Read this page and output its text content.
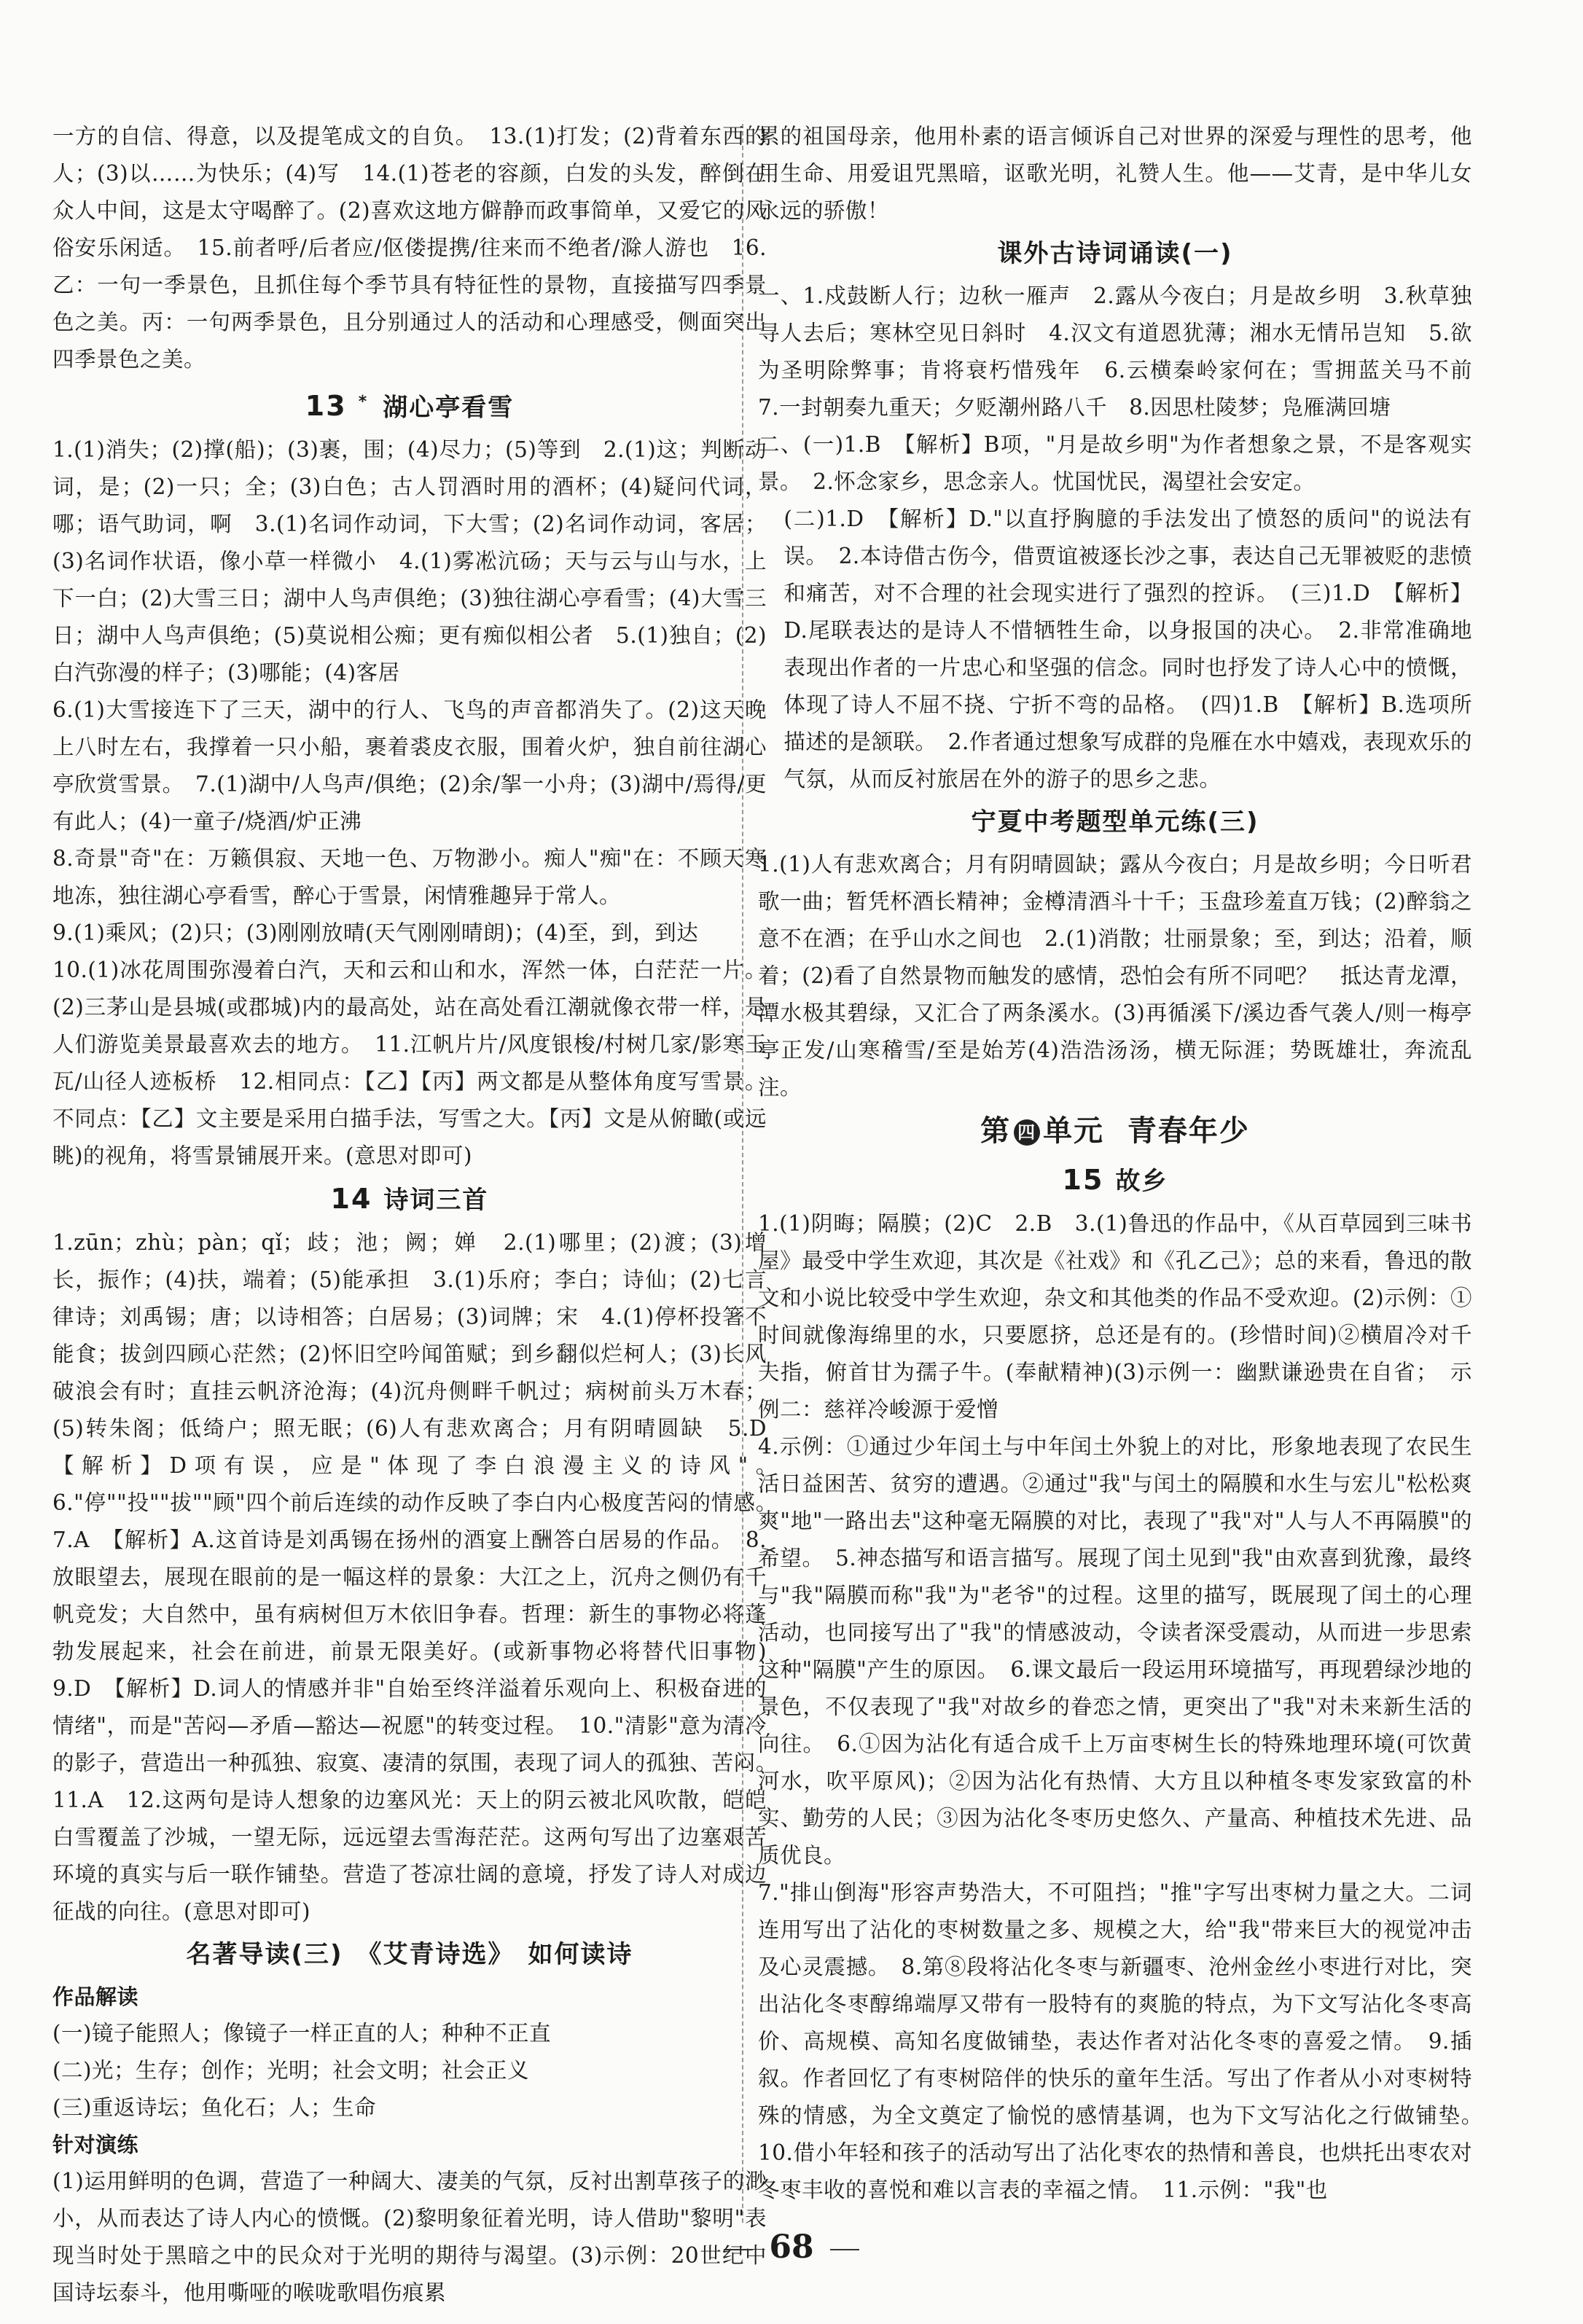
一方的自信、得意，以及提笔成文的自负。　13.(1)打发；(2)背着东西的人；(3)以……为快乐；(4)写　14.(1)苍老的容颜，白发的头发，醉倒在众人中间，这是太守喝醉了。(2)喜欢这地方僻静而政事简单，又爱它的风俗安乐闲适。　15.前者呼/后者应/伛偻提携/往来而不绝者/滁人游也　16.乙：一句一季景色，且抓住每个季节具有特征性的景物，直接描写四季景色之美。丙：一句两季景色，且分别通过人的活动和心理感受，侧面突出四季景色之美。

13 * 湖心亭看雪

1.(1)消失；(2)撑(船)；(3)裹，围；(4)尽力；(5)等到　2.(1)这；判断动词，是；(2)一只；全；(3)白色；古人罚酒时用的酒杯；(4)疑问代词，哪；语气助词，啊　3.(1)名词作动词，下大雪；(2)名词作动词，客居；(3)名词作状语，像小草一样微小　4.(1)雾凇沆砀；天与云与山与水，上下一白；(2)大雪三日；湖中人鸟声俱绝；(3)独往湖心亭看雪；(4)大雪三日；湖中人鸟声俱绝；(5)莫说相公痴；更有痴似相公者　5.(1)独自；(2)白汽弥漫的样子；(3)哪能；(4)客居

6.(1)大雪接连下了三天，湖中的行人、飞鸟的声音都消失了。(2)这天晚上八时左右，我撑着一只小船，裹着裘皮衣服，围着火炉，独自前往湖心亭欣赏雪景。　7.(1)湖中/人鸟声/俱绝；(2)余/挐一小舟；(3)湖中/焉得/更有此人；(4)一童子/烧酒/炉正沸

8.奇景"奇"在：万籁俱寂、天地一色、万物渺小。痴人"痴"在：不顾天寒地冻，独往湖心亭看雪，醉心于雪景，闲情雅趣异于常人。

9.(1)乘风；(2)只；(3)刚刚放晴(天气刚刚晴朗)；(4)至，到，到达

10.(1)冰花周围弥漫着白汽，天和云和山和水，浑然一体，白茫茫一片。(2)三茅山是县城(或郡城)内的最高处，站在高处看江潮就像衣带一样，是人们游览美景最喜欢去的地方。　11.江帆片片/风度银梭/村树几家/影寒玉瓦/山径人迹板桥　12.相同点：【乙】【丙】两文都是从整体角度写雪景。不同点：【乙】文主要是采用白描手法，写雪之大。【丙】文是从俯瞰(或远眺)的视角，将雪景铺展开来。(意思对即可)

14 诗词三首

1.zūn；zhù；pàn；qǐ；歧；池；阙；婵　2.(1)哪里；(2)渡；(3)增长，振作；(4)扶，端着；(5)能承担　3.(1)乐府；李白；诗仙；(2)七言律诗；刘禹锡；唐；以诗相答；白居易；(3)词牌；宋　4.(1)停杯投箸不能食；拔剑四顾心茫然；(2)怀旧空吟闻笛赋；到乡翻似烂柯人；(3)长风破浪会有时；直挂云帆济沧海；(4)沉舟侧畔千帆过；病树前头万木春；(5)转朱阁；低绮户；照无眠；(6)人有悲欢离合；月有阴晴圆缺　5.D　【解析】D项有误，应是"体现了李白浪漫主义的诗风"。　6."停""投""拔""顾"四个前后连续的动作反映了李白内心极度苦闷的情感。　7.A　【解析】A.这首诗是刘禹锡在扬州的酒宴上酬答白居易的作品。　8.放眼望去，展现在眼前的是一幅这样的景象：大江之上，沉舟之侧仍有千帆竞发；大自然中，虽有病树但万木依旧争春。哲理：新生的事物必将蓬勃发展起来，社会在前进，前景无限美好。(或新事物必将替代旧事物)　9.D　【解析】D.词人的情感并非"自始至终洋溢着乐观向上、积极奋进的情绪"，而是"苦闷—矛盾—豁达—祝愿"的转变过程。　10."清影"意为清冷的影子，营造出一种孤独、寂寞、凄清的氛围，表现了词人的孤独、苦闷。　11.A　12.这两句是诗人想象的边塞风光：天上的阴云被北风吹散，皑皑白雪覆盖了沙城，一望无际，远远望去雪海茫茫。这两句写出了边塞艰苦环境的真实与后一联作铺垫。营造了苍凉壮阔的意境，抒发了诗人对成边征战的向往。(意思对即可)

名著导读(三)　《艾青诗选》　如何读诗

作品解读

(一)镜子能照人；像镜子一样正直的人；种种不正直

(二)光；生存；创作；光明；社会文明；社会正义

(三)重返诗坛；鱼化石；人；生命

针对演练

(1)运用鲜明的色调，营造了一种阔大、凄美的气氛，反衬出割草孩子的渺小，从而表达了诗人内心的愤慨。(2)黎明象征着光明，诗人借助"黎明"表现当时处于黑暗之中的民众对于光明的期待与渴望。(3)示例：20世纪中国诗坛泰斗，他用嘶哑的喉咙歌唱伤痕累

累的祖国母亲，他用朴素的语言倾诉自己对世界的深爱与理性的思考，他用生命、用爱诅咒黑暗，讴歌光明，礼赞人生。他——艾青，是中华儿女永远的骄傲！

课外古诗词诵读(一)

一、1.戍鼓断人行；边秋一雁声　2.露从今夜白；月是故乡明　3.秋草独寻人去后；寒林空见日斜时　4.汉文有道恩犹薄；湘水无情吊岂知　5.欲为圣明除弊事；肯将衰朽惜残年　6.云横秦岭家何在；雪拥蓝关马不前　7.一封朝奏九重天；夕贬潮州路八千　8.因思杜陵梦；凫雁满回塘

二、(一)1.B　【解析】B项，"月是故乡明"为作者想象之景，不是客观实景。　2.怀念家乡，思念亲人。忧国忧民，渴望社会安定。

(二)1.D　【解析】D."以直抒胸臆的手法发出了愤怒的质问"的说法有误。　2.本诗借古伤今，借贾谊被逐长沙之事，表达自己无罪被贬的悲愤和痛苦，对不合理的社会现实进行了强烈的控诉。　(三)1.D　【解析】D.尾联表达的是诗人不惜牺牲生命，以身报国的决心。　2.非常准确地表现出作者的一片忠心和坚强的信念。同时也抒发了诗人心中的愤慨，体现了诗人不屈不挠、宁折不弯的品格。　(四)1.B　【解析】B.选项所描述的是颔联。　2.作者通过想象写成群的凫雁在水中嬉戏，表现欢乐的气氛，从而反衬旅居在外的游子的思乡之悲。

宁夏中考题型单元练(三)

1.(1)人有悲欢离合；月有阴晴圆缺；露从今夜白；月是故乡明；今日听君歌一曲；暂凭杯酒长精神；金樽清酒斗十千；玉盘珍羞直万钱；(2)醉翁之意不在酒；在乎山水之间也　2.(1)消散；壮丽景象；至，到达；沿着，顺着；(2)看了自然景物而触发的感情，恐怕会有所不同吧？　抵达青龙潭，潭水极其碧绿，又汇合了两条溪水。(3)再循溪下/溪边香气袭人/则一梅亭亭正发/山寒稽雪/至是始芳(4)浩浩汤汤，横无际涯；势既雄壮，奔流乱注。

第 四 单元 青春年少
15 故乡

1.(1)阴晦；隔膜；(2)C　2.B　3.(1)鲁迅的作品中，《从百草园到三味书屋》最受中学生欢迎，其次是《社戏》和《孔乙己》；总的来看，鲁迅的散文和小说比较受中学生欢迎，杂文和其他类的作品不受欢迎。(2)示例：①时间就像海绵里的水，只要愿挤，总还是有的。(珍惜时间)②横眉冷对千夫指，俯首甘为孺子牛。(奉献精神)(3)示例一：幽默谦逊贵在自省；　示例二：慈祥冷峻源于爱憎

4.示例：①通过少年闰土与中年闰土外貌上的对比，形象地表现了农民生活日益困苦、贫穷的遭遇。②通过"我"与闰土的隔膜和水生与宏儿"松松爽爽"地"一路出去"这种毫无隔膜的对比，表现了"我"对"人与人不再隔膜"的希望。　5.神态描写和语言描写。展现了闰土见到"我"由欢喜到犹豫，最终与"我"隔膜而称"我"为"老爷"的过程。这里的描写，既展现了闰土的心理活动，也同接写出了"我"的情感波动，令读者深受震动，从而进一步思索这种"隔膜"产生的原因。　6.课文最后一段运用环境描写，再现碧绿沙地的景色，不仅表现了"我"对故乡的眷恋之情，更突出了"我"对未来新生活的向往。　6.①因为沾化有适合成千上万亩枣树生长的特殊地理环境(可饮黄河水，吹平原风)；②因为沾化有热情、大方且以种植冬枣发家致富的朴实、勤劳的人民；③因为沾化冬枣历史悠久、产量高、种植技术先进、品质优良。

7."排山倒海"形容声势浩大，不可阻挡；"推"字写出枣树力量之大。二词连用写出了沾化的枣树数量之多、规模之大，给"我"带来巨大的视觉冲击及心灵震撼。　8.第⑧段将沾化冬枣与新疆枣、沧州金丝小枣进行对比，突出沾化冬枣醇绵端厚又带有一股特有的爽脆的特点，为下文写沾化冬枣高价、高规模、高知名度做铺垫，表达作者对沾化冬枣的喜爱之情。　9.插叙。作者回忆了有枣树陪伴的快乐的童年生活。写出了作者从小对枣树特殊的情感，为全文奠定了愉悦的感情基调，也为下文写沾化之行做铺垫。　10.借小年轻和孩子的活动写出了沾化枣农的热情和善良，也烘托出枣农对冬枣丰收的喜悦和难以言表的幸福之情。　11.示例："我"也

68
